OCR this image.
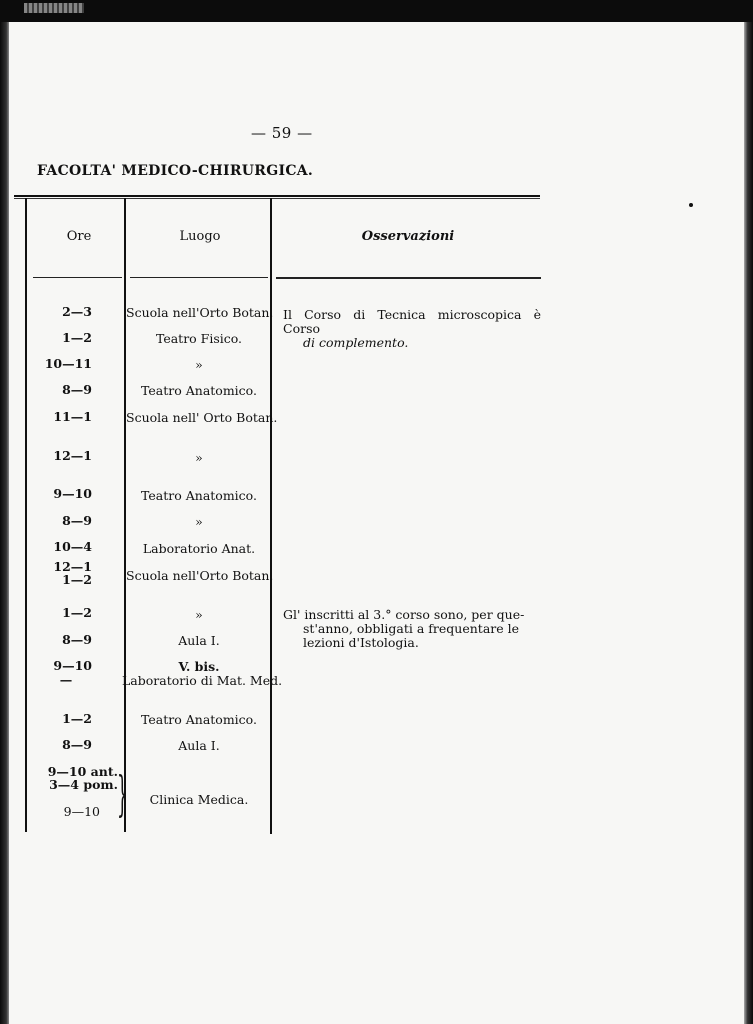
— 59 —
FACOLTA' MEDICO-CHIRURGICA.
Ore	Luogo	Osservazioni
2—3
1—2
10—11
8—9
11—1
12—1
9—10
8—9
10—4
12—1
1—2
1—2
8—9
9—10
—
1—2
8—9
9—10 ant.
3—4 pom.
9—10 }
Scuola nell'Orto Botan.
Teatro Fisico.
»
Teatro Anatomico.
Scuola nell' Orto Botan.
»
Teatro Anatomico.
»
Laboratorio Anat.
Scuola nell'Orto Botan.
»
Aula I.
V. bis.
Laboratorio di Mat. Med.
Teatro Anatomico.
Aula I.
Clinica Medica.
Il Corso di Tecnica microscopica è Corso
di complemento.
Gl' inscritti al 3.° corso sono, per que-
st'anno, obbligati a frequentare le
lezioni d'Istologia.
